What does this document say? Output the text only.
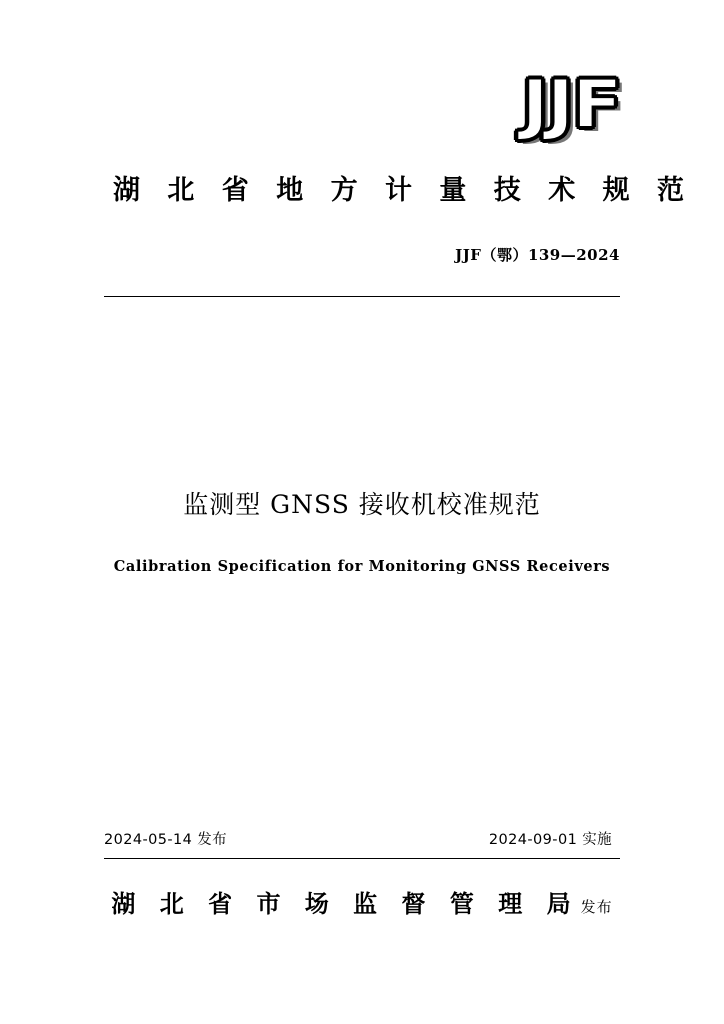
JJF
湖 北 省 地 方 计 量 技 术 规 范
JJF（鄂）139—2024
监测型 GNSS 接收机校准规范
Calibration Specification for Monitoring GNSS Receivers
2024-05-14 发布	2024-09-01 实施
湖 北 省 市 场 监 督 管 理 局 发布
